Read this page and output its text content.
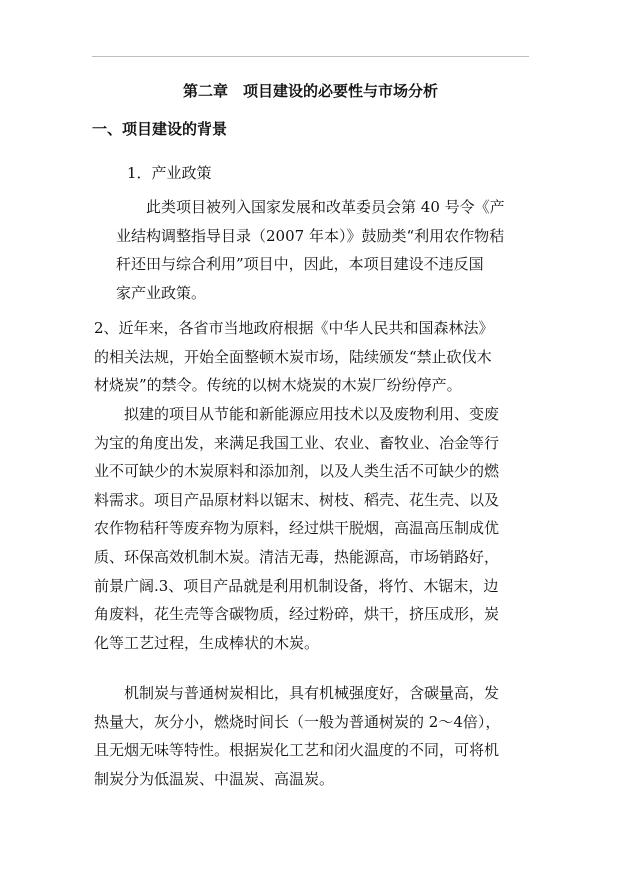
第二章　项目建设的必要性与市场分析
一、项目建设的背景
1．产业政策

此类项目被列入国家发展和改革委员会第 40 号令《产
业结构调整指导目录（2007 年本）》鼓励类“利用农作物秸
秆还田与综合利用”项目中，因此，本项目建设不违反国
家产业政策。

2、近年来，各省市当地政府根据《中华人民共和国森林法》
的相关法规，开始全面整顿木炭市场，陆续颁发“禁止砍伐木
材烧炭”的禁令。传统的以树木烧炭的木炭厂纷纷停产。

拟建的项目从节能和新能源应用技术以及废物利用、变废
为宝的角度出发，来满足我国工业、农业、畜牧业、冶金等行
业不可缺少的木炭原料和添加剂，以及人类生活不可缺少的燃
料需求。项目产品原材料以锯末、树枝、稻壳、花生壳、以及
农作物秸秆等废弃物为原料，经过烘干脱烟，高温高压制成优
质、环保高效机制木炭。清洁无毒，热能源高，市场销路好，
前景广阔.3、项目产品就是利用机制设备，将竹、木锯末，边
角废料，花生壳等含碳物质，经过粉碎，烘干，挤压成形，炭
化等工艺过程，生成棒状的木炭。

机制炭与普通树炭相比，具有机械强度好，含碳量高，发
热量大，灰分小，燃烧时间长（一般为普通树炭的 2～4倍），
且无烟无味等特性。根据炭化工艺和闭火温度的不同，可将机
制炭分为低温炭、中温炭、高温炭。
